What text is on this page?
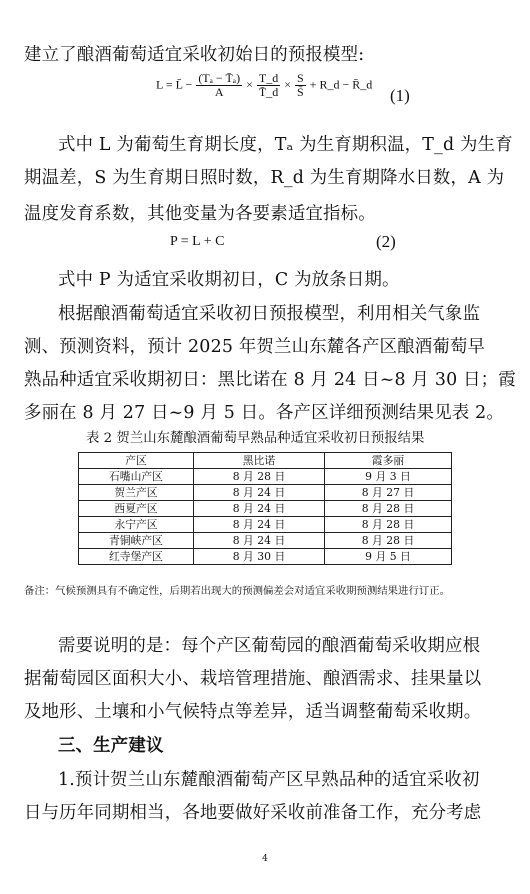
建立了酿酒葡萄适宜采收初始日的预报模型:
L = L̄ − $\frac{\text{(Tₐ − T̄ₐ)}}{A} \times \frac{T\_d}{T̄\_d} \times \frac{S}{S̄}$ + R_d − R̄_d
(1)
式中 L 为葡萄生育期长度，Tₐ 为生育期积温，T_d 为生育
期温差，S 为生育期日照时数，R_d 为生育期降水日数，A 为
温度发育系数，其他变量为各要素适宜指标。
P = L + C	(2)
式中 P 为适宜采收期初日，C 为放条日期。
根据酿酒葡萄适宜采收初日预报模型，利用相关气象监
测、预测资料，预计 2025 年贺兰山东麓各产区酿酒葡萄早
熟品种适宜采收期初日：黑比诺在 8 月 24 日~8 月 30 日；霞
多丽在 8 月 27 日~9 月 5 日。各产区详细预测结果见表 2。
表 2 贺兰山东麓酿酒葡萄早熟品种适宜采收初日预报结果
产区	黑比诺	霞多丽
石嘴山产区	8 月 28 日	9 月 3 日
贺兰产区	8 月 24 日	8 月 27 日
西夏产区	8 月 24 日	8 月 28 日
永宁产区	8 月 24 日	8 月 28 日
青铜峡产区	8 月 24 日	8 月 28 日
红寺堡产区	8 月 30 日	9 月 5 日
备注：气候预测具有不确定性，后期若出现大的预测偏差会对适宜采收期预测结果进行订正。
需要说明的是：每个产区葡萄园的酿酒葡萄采收期应根
据葡萄园区面积大小、栽培管理措施、酿酒需求、挂果量以
及地形、土壤和小气候特点等差异，适当调整葡萄采收期。
三、生产建议
1.预计贺兰山东麓酿酒葡萄产区早熟品种的适宜采收初
日与历年同期相当，各地要做好采收前准备工作，充分考虑
4
